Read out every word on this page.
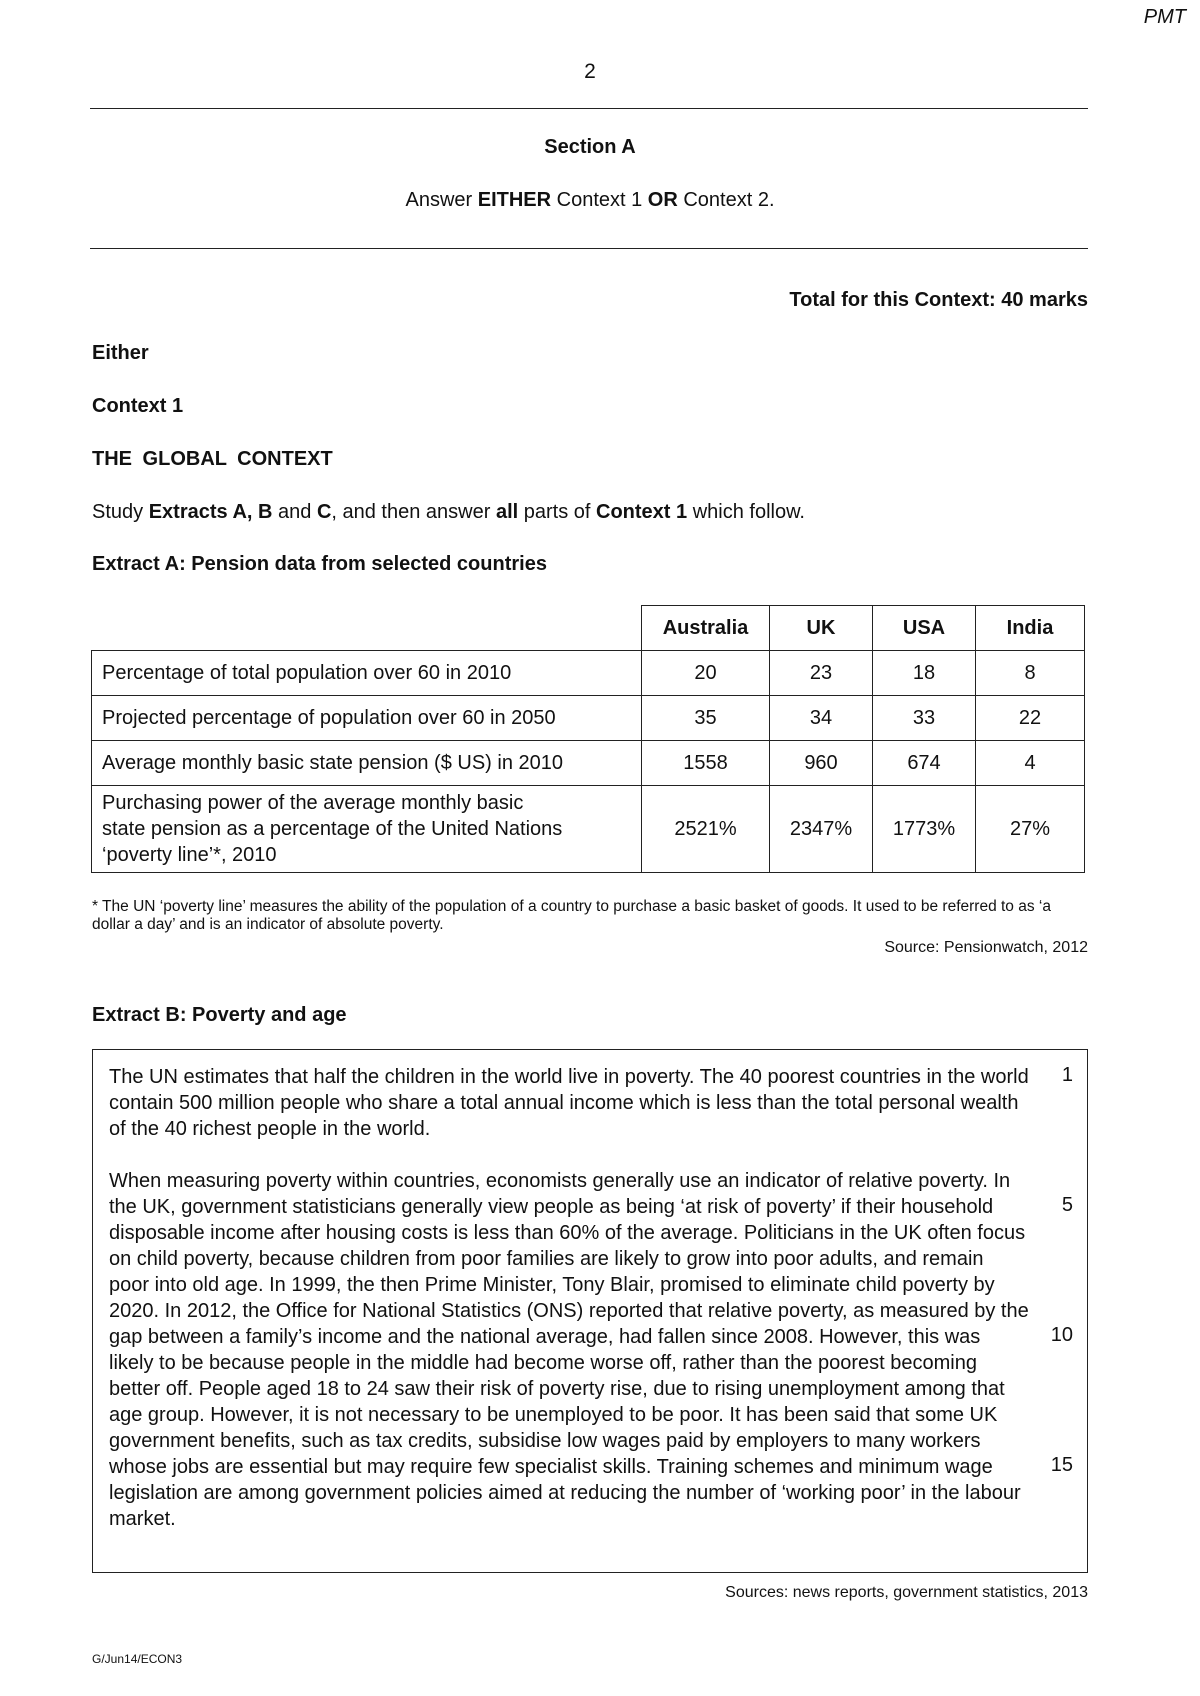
PMT
2
Section A
Answer EITHER Context 1 OR Context 2.
Total for this Context: 40 marks
Either
Context 1
THE GLOBAL CONTEXT
Study Extracts A, B and C, and then answer all parts of Context 1 which follow.
Extract A: Pension data from selected countries
	Australia	UK	USA	India
Percentage of total population over 60 in 2010	20	23	18	8
Projected percentage of population over 60 in 2050	35	34	33	22
Average monthly basic state pension ($ US) in 2010	1558	960	674	4

Purchasing power of the average monthly basic
state pension as a percentage of the United Nations
‘poverty line’*, 2010	2521%	2347%	1773%	27%
* The UN ‘poverty line’ measures the ability of the population of a country to purchase a basic basket of goods. It used to be referred to as ‘a dollar a day’ and is an indicator of absolute poverty.
Source: Pensionwatch, 2012
Extract B: Poverty and age
The UN estimates that half the children in the world live in poverty. The 40 poorest countries in the world contain 500 million people who share a total annual income which is less than the total personal wealth of the 40 richest people in the world.
When measuring poverty within countries, economists generally use an indicator of relative poverty. In the UK, government statisticians generally view people as being ‘at risk of poverty’ if their household disposable income after housing costs is less than 60% of the average. Politicians in the UK often focus on child poverty, because children from poor families are likely to grow into poor adults, and remain poor into old age. In 1999, the then Prime Minister, Tony Blair, promised to eliminate child poverty by 2020. In 2012, the Office for National Statistics (ONS) reported that relative poverty, as measured by the gap between a family’s income and the national average, had fallen since 2008. However, this was likely to be because people in the middle had become worse off, rather than the poorest becoming better off. People aged 18 to 24 saw their risk of poverty rise, due to rising unemployment among that age group. However, it is not necessary to be unemployed to be poor. It has been said that some UK government benefits, such as tax credits, subsidise low wages paid by employers to many workers whose jobs are essential but may require few specialist skills. Training schemes and minimum wage legislation are among government policies aimed at reducing the number of ‘working poor’ in the labour market.
1
5
10
15
Sources: news reports, government statistics, 2013
G/Jun14/ECON3
